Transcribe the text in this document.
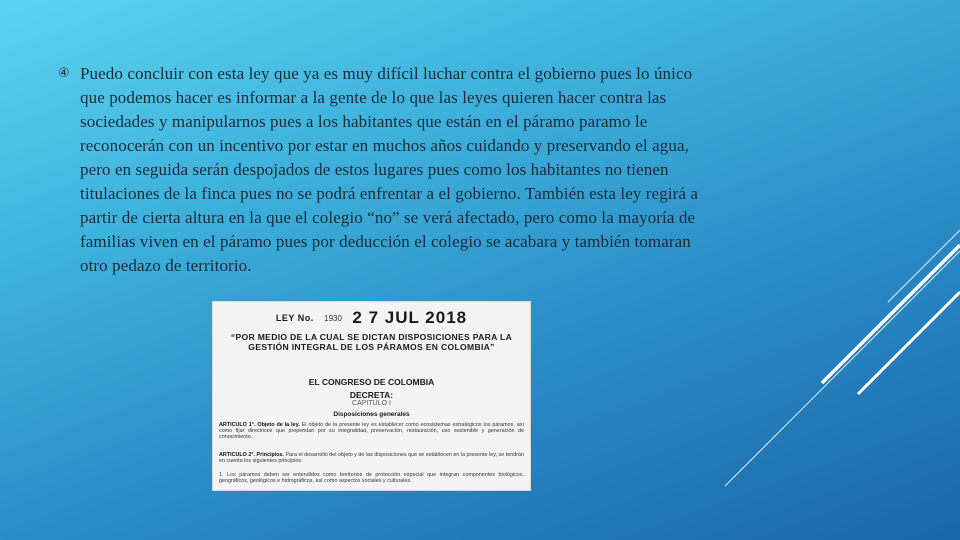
④ Puedo concluir con esta ley que ya es muy difícil luchar contra el gobierno pues lo único que podemos hacer es informar a la gente de lo que las leyes quieren hacer contra las sociedades y manipularnos pues a los habitantes que están en el páramo paramo le reconocerán con un incentivo por estar en muchos años cuidando y preservando el agua, pero en seguida serán despojados de estos lugares pues como los habitantes no tienen titulaciones de la finca pues no se podrá enfrentar a el gobierno. También esta ley regirá a partir de cierta altura en la que el colegio “no” se verá afectado, pero como la mayoría de familias viven en el páramo pues por deducción el colegio se acabara y también tomaran otro pedazo de territorio.

LEY No. 1930 2 7 JUL 2018

“POR MEDIO DE LA CUAL SE DICTAN DISPOSICIONES PARA LA GESTIÓN INTEGRAL DE LOS PÁRAMOS EN COLOMBIA”

EL CONGRESO DE COLOMBIA
DECRETA:
CAPITULO I
Disposiciones generales

ARTICULO 1°. Objeto de la ley. El objeto de la presente ley es establecer como ecosistemas estratégicos los páramos, así como fijar directrices que propendan por su integralidad, preservación, restauración, uso sostenible y generación de conocimiento.

ARTICULO 2°. Principios. Para el desarrollo del objeto y de las disposiciones que se establecen en la presente ley, se tendrán en cuenta los siguientes principios:

1. Los páramos deben ser entendidos como territorios de protección especial que integran componentes biológicos, geográficos, geológicos e hidrográficos, así como aspectos sociales y culturales.
